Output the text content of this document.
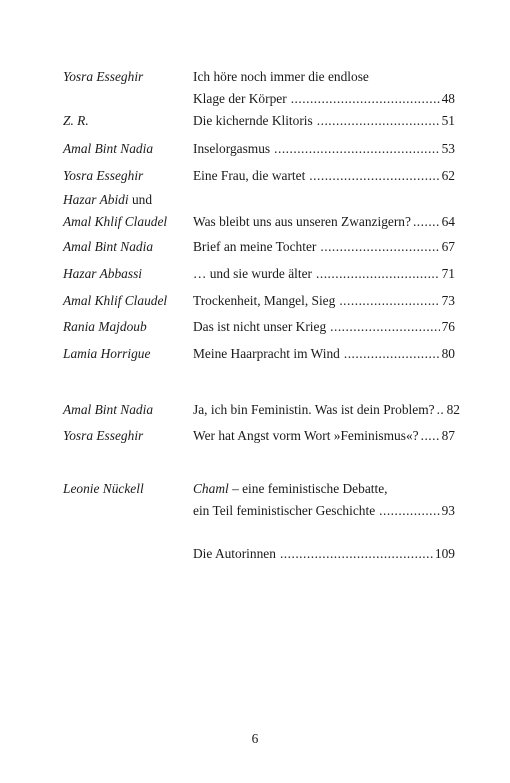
Yosra Esseghir	Ich höre noch immer die endlose
Klage der Körper .....	48
Z. R.	Die kichernde Klitoris .....	51
Amal Bint Nadia	Inselorgasmus .....	53
Yosra Esseghir	Eine Frau, die wartet .....	62
Hazar Abidi und
Amal Khlif Claudel	Was bleibt uns aus unseren Zwanzigern? ..... 64
Amal Bint Nadia	Brief an meine Tochter .....	67
Hazar Abbassi	… und sie wurde älter .....	71
Amal Khlif Claudel	Trockenheit, Mangel, Sieg .....	73
Rania Majdoub	Das ist nicht unser Krieg .....	76
Lamia Horrigue	Meine Haarpracht im Wind .....	80
Amal Bint Nadia	Ja, ich bin Feministin. Was ist dein Problem? ..... 82
Yosra Esseghir	Wer hat Angst vorm Wort »Feminismus«? ..... 87
Leonie Nückell	Chaml – eine feministische Debatte,
ein Teil feministischer Geschichte .....	93
Die Autorinnen .....	109
6
